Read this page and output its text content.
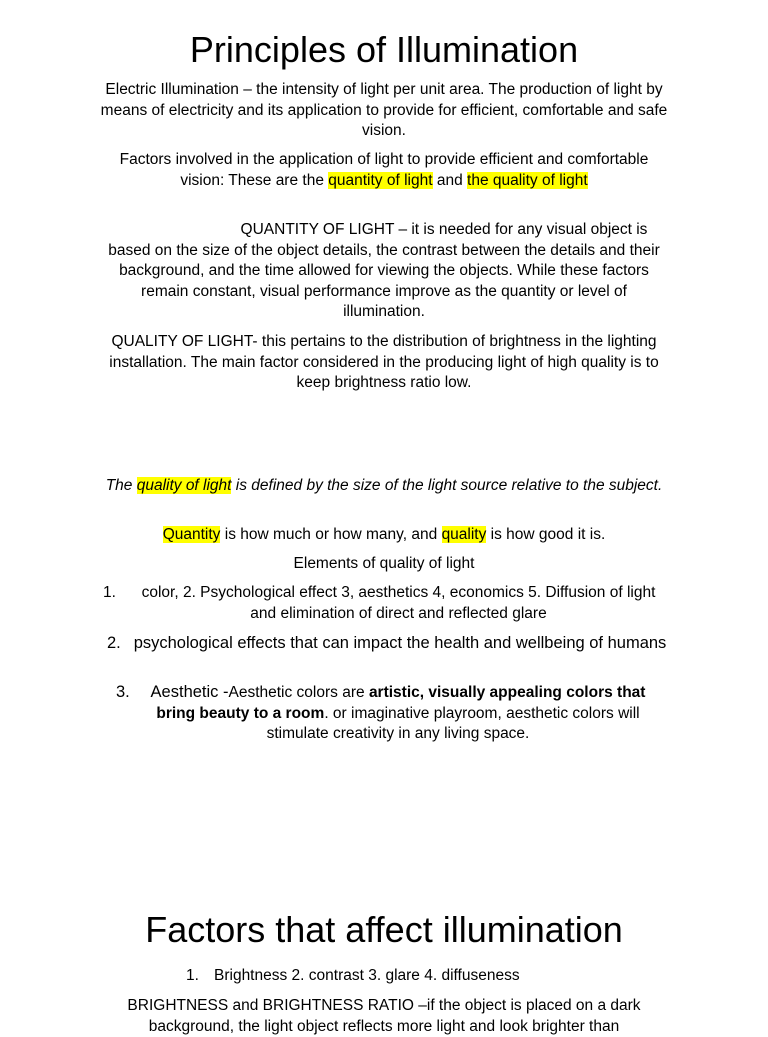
Principles of Illumination

Electric Illumination – the intensity of light per unit area. The production of light by means of electricity and its application to provide for efficient, comfortable and safe vision.

Factors involved in the application of light to provide efficient and comfortable vision: These are the quantity of light and the quality of light

QUANTITY OF LIGHT – it is needed for any visual object is based on the size of the object details, the contrast between the details and their background, and the time allowed for viewing the objects. While these factors remain constant, visual performance improve as the quantity or level of illumination.

QUALITY OF LIGHT- this pertains to the distribution of brightness in the lighting installation. The main factor considered in the producing light of high quality is to keep brightness ratio low.

The quality of light is defined by the size of the light source relative to the subject.

Quantity is how much or how many, and quality is how good it is.

Elements of quality of light

1.	color, 2. Psychological effect 3, aesthetics 4, economics 5. Diffusion of light and elimination of direct and reflected glare
2. psychological effects that can impact the health and wellbeing of humans
3.	Aesthetic -Aesthetic colors are artistic, visually appealing colors that bring beauty to a room. or imaginative playroom, aesthetic colors will stimulate creativity in any living space.
Factors that affect illumination
1. Brightness 2. contrast 3. glare 4. diffuseness

BRIGHTNESS and BRIGHTNESS RATIO –if the object is placed on a dark background, the light object reflects more light and look brighter than
